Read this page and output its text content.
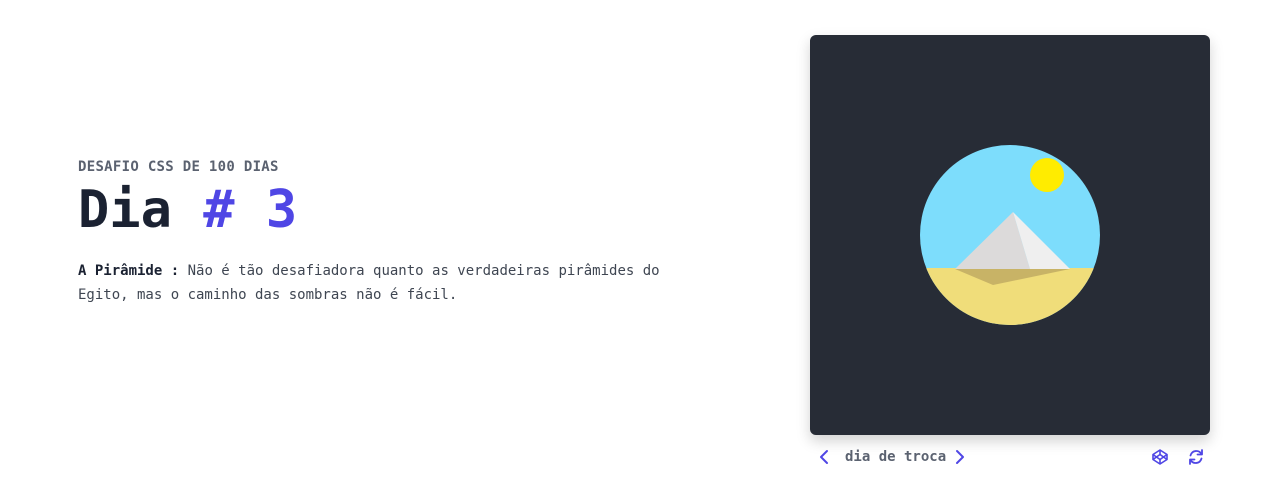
DESAFIO CSS DE 100 DIAS

Dia # 3
A Pirâmide : Não é tão desafiadora quanto as verdadeiras pirâmides do Egito, mas o caminho das sombras não é fácil.
dia de troca
